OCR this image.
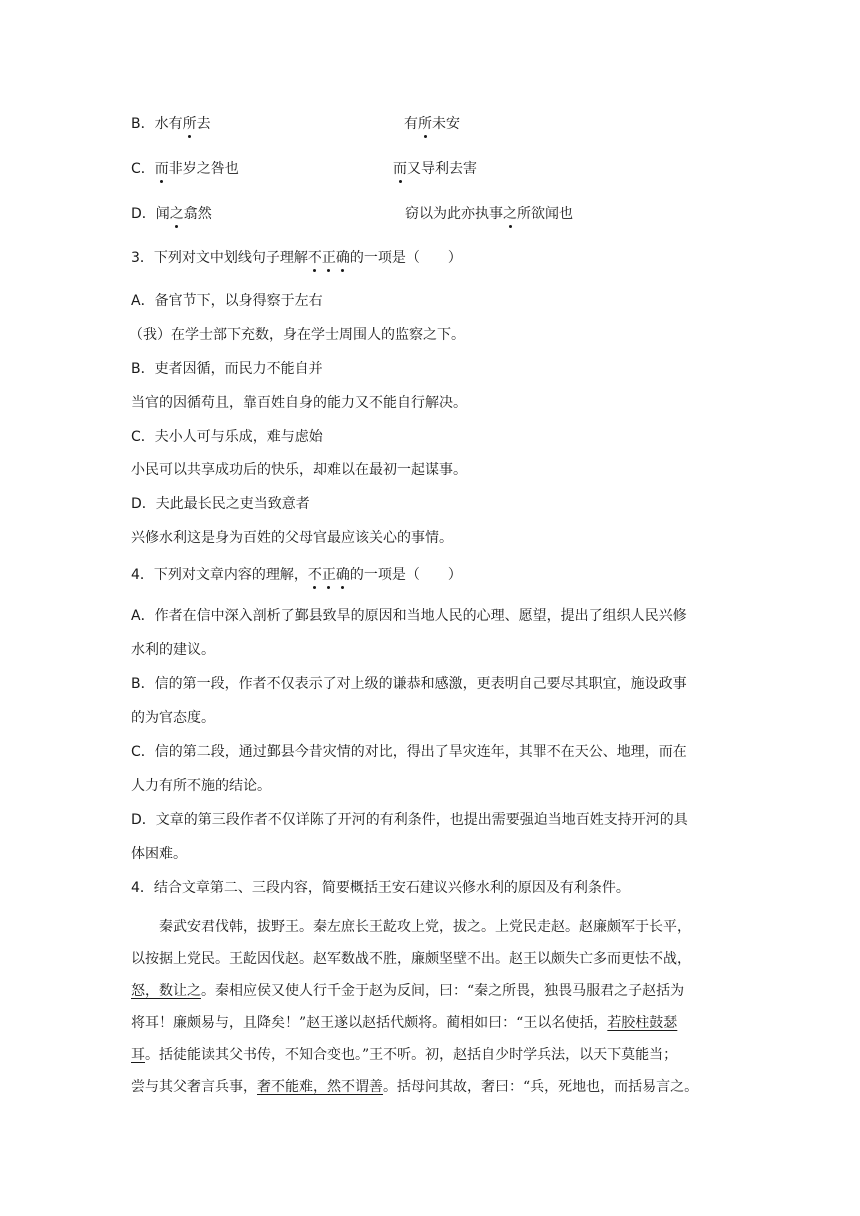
B．水有所去	有所未安
C．而非岁之咎也	而又导利去害
D．闻之翕然	窃以为此亦执事之所欲闻也
3．下列对文中划线句子理解不正确的一项是（　　）
A．备官节下，以身得察于左右
（我）在学士部下充数，身在学士周围人的监察之下。
B．吏者因循，而民力不能自并
当官的因循苟且，靠百姓自身的能力又不能自行解决。
C．夫小人可与乐成，难与虑始
小民可以共享成功后的快乐，却难以在最初一起谋事。
D．夫此最长民之吏当致意者
兴修水利这是身为百姓的父母官最应该关心的事情。
4．下列对文章内容的理解，不正确的一项是（　　）
A．作者在信中深入剖析了鄞县致旱的原因和当地人民的心理、愿望，提出了组织人民兴修
水利的建议。
B．信的第一段，作者不仅表示了对上级的谦恭和感激，更表明自己要尽其职宜，施设政事
的为官态度。
C．信的第二段，通过鄞县今昔灾情的对比，得出了旱灾连年，其罪不在天公、地理，而在
人力有所不施的结论。
D．文章的第三段作者不仅详陈了开河的有利条件，也提出需要强迫当地百姓支持开河的具
体困难。
4．结合文章第二、三段内容，简要概括王安石建议兴修水利的原因及有利条件。
秦武安君伐韩，拔野王。秦左庶长王龁攻上党，拔之。上党民走赵。赵廉颇军于长平，
以按据上党民。王龁因伐赵。赵军数战不胜，廉颇坚壁不出。赵王以颇失亡多而更怯不战，
怒，数让之。秦相应侯又使人行千金于赵为反间，曰：“秦之所畏，独畏马服君之子赵括为
将耳！廉颇易与，且降矣！”赵王遂以赵括代颇将。蔺相如曰：“王以名使括，若胶柱鼓瑟
耳。括徒能读其父书传，不知合变也。”王不听。初，赵括自少时学兵法，以天下莫能当；
尝与其父奢言兵事，奢不能难，然不谓善。括母问其故，奢曰：“兵，死地也，而括易言之。
